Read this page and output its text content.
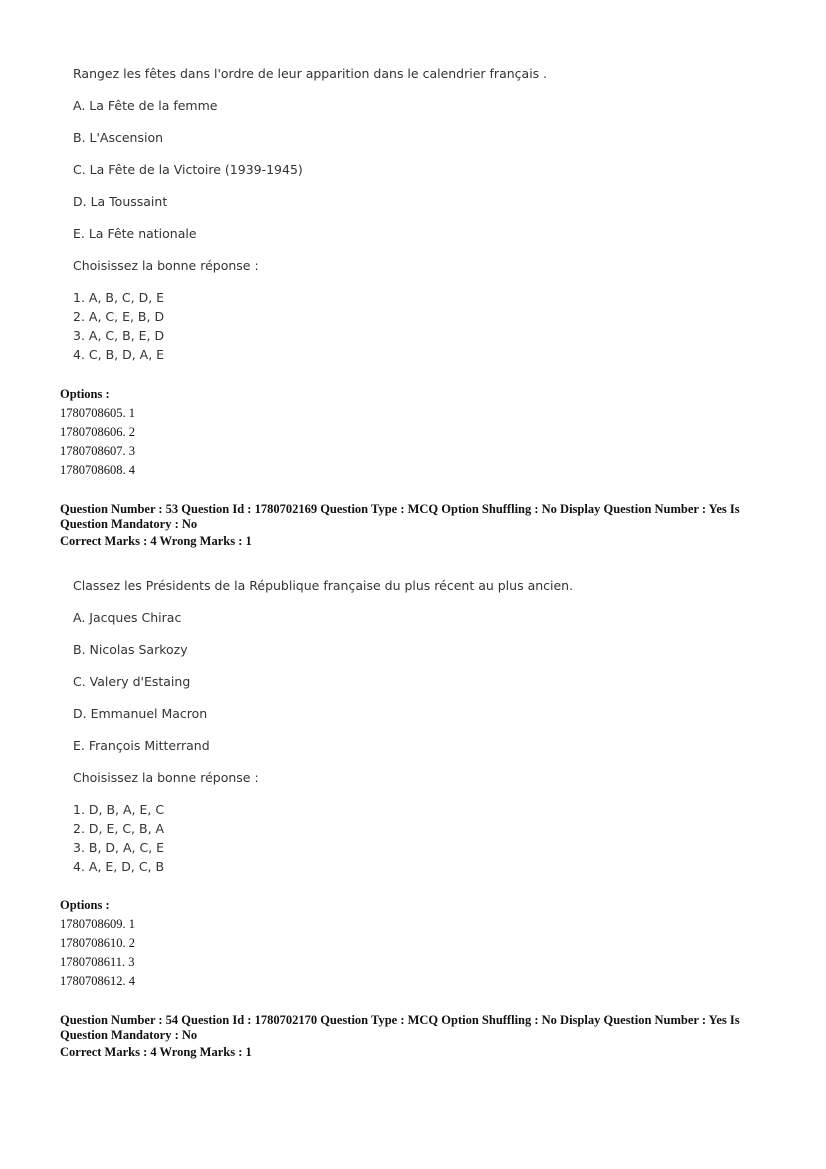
Rangez les fêtes dans l'ordre de leur apparition dans le calendrier français .

A. La Fête de la femme

B. L'Ascension

C. La Fête de la Victoire (1939-1945)

D. La Toussaint

E. La Fête nationale

Choisissez la bonne réponse :

1. A, B, C, D, E

2. A, C, E, B, D

3. A, C, B, E, D

4. C, B, D, A, E

Options :
1780708605. 1
1780708606. 2
1780708607. 3
1780708608. 4
Question Number : 53 Question Id : 1780702169 Question Type : MCQ Option Shuffling : No Display Question Number : Yes Is Question Mandatory : No
Correct Marks : 4 Wrong Marks : 1

Classez les Présidents de la République française du plus récent au plus ancien.

A. Jacques Chirac

B. Nicolas Sarkozy

C. Valery d'Estaing

D. Emmanuel Macron

E. François Mitterrand

Choisissez la bonne réponse :

1. D, B, A, E, C

2. D, E, C, B, A

3. B, D, A, C, E

4. A, E, D, C, B

Options :
1780708609. 1
1780708610. 2
1780708611. 3
1780708612. 4
Question Number : 54 Question Id : 1780702170 Question Type : MCQ Option Shuffling : No Display Question Number : Yes Is Question Mandatory : No
Correct Marks : 4 Wrong Marks : 1
